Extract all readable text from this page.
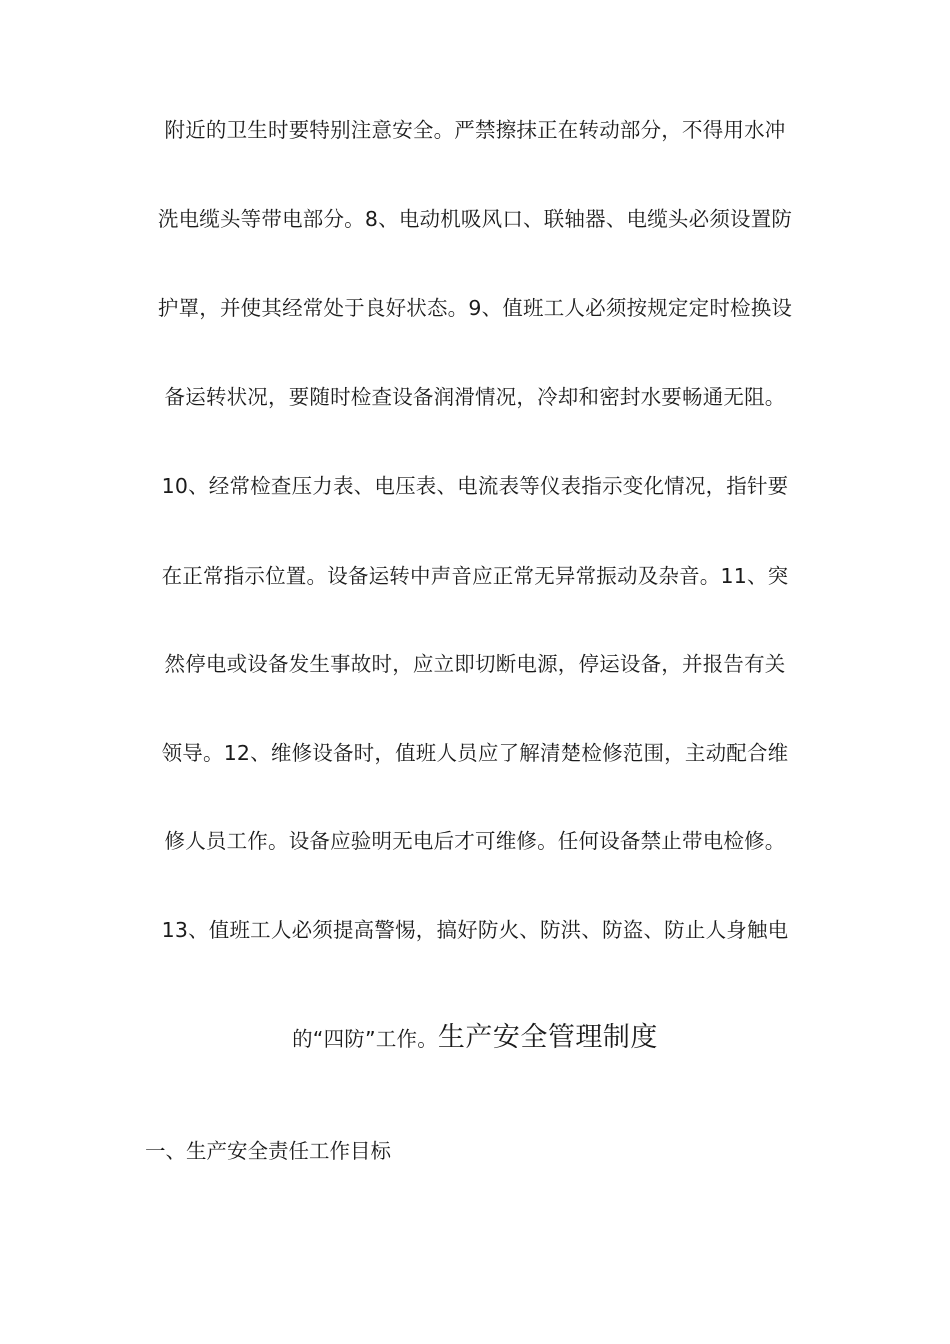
附近的卫生时要特别注意安全。严禁擦抹正在转动部分，不得用水冲
洗电缆头等带电部分。8、电动机吸风口、联轴器、电缆头必须设置防
护罩，并使其经常处于良好状态。9、值班工人必须按规定定时检换设
备运转状况，要随时检查设备润滑情况，冷却和密封水要畅通无阻。
10、经常检查压力表、电压表、电流表等仪表指示变化情况，指针要
在正常指示位置。设备运转中声音应正常无异常振动及杂音。11、突
然停电或设备发生事故时，应立即切断电源，停运设备，并报告有关
领导。12、维修设备时，值班人员应了解清楚检修范围，主动配合维
修人员工作。设备应验明无电后才可维修。任何设备禁止带电检修。
13、值班工人必须提高警惕，搞好防火、防洪、防盗、防止人身触电
的“四防”工作。生产安全管理制度
一、生产安全责任工作目标
